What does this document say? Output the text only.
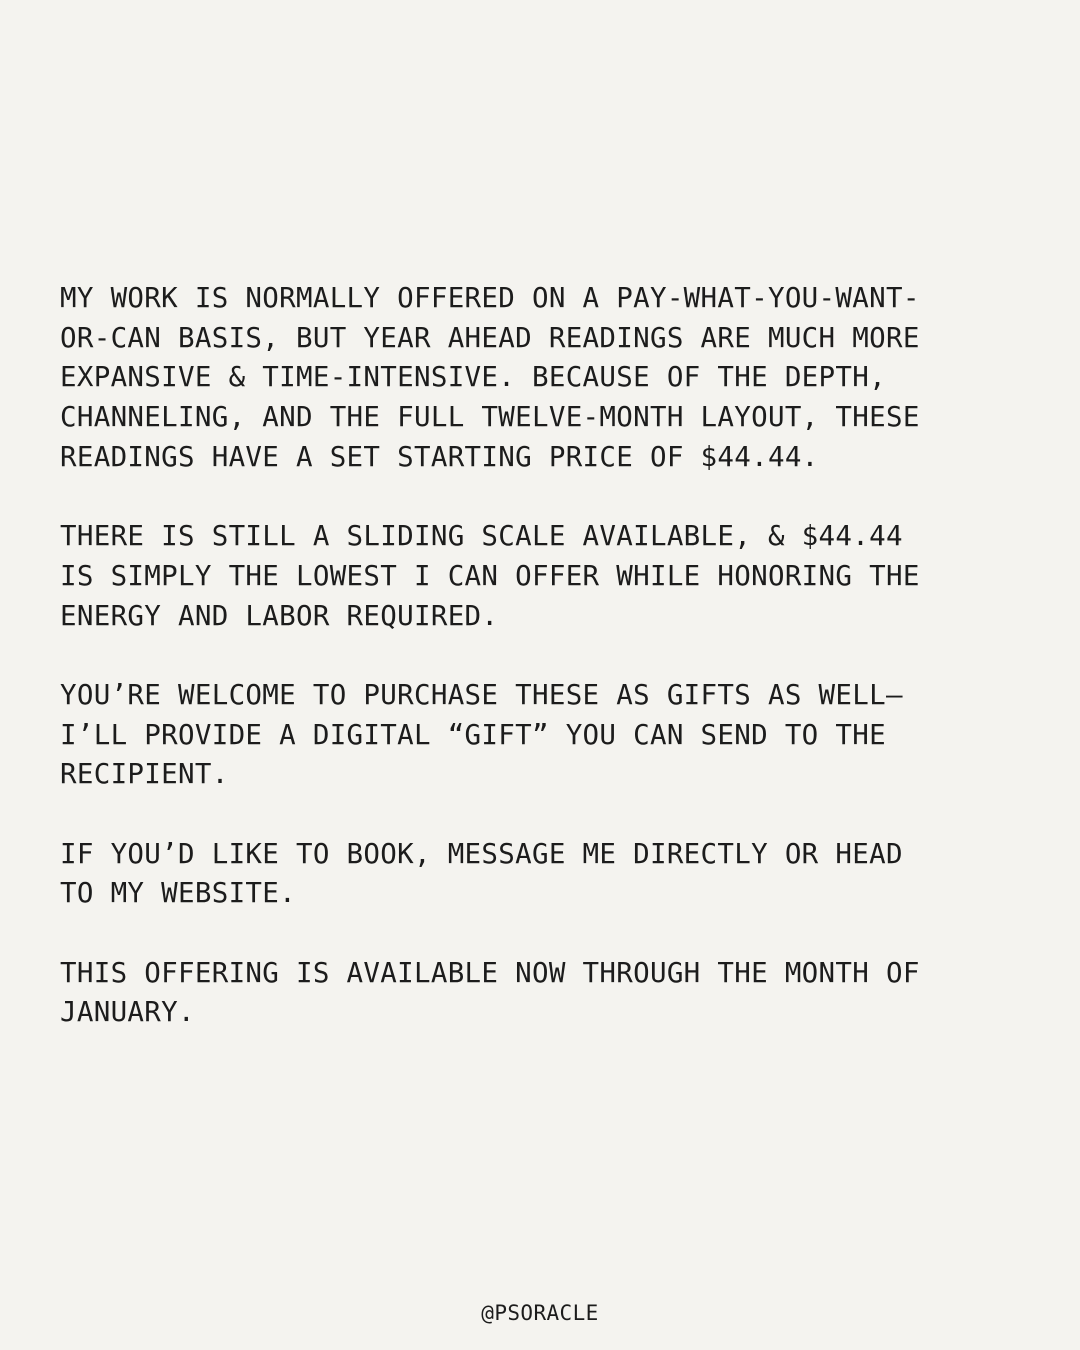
MY WORK IS NORMALLY OFFERED ON A PAY-WHAT-YOU-WANT-
OR-CAN BASIS, BUT YEAR AHEAD READINGS ARE MUCH MORE
EXPANSIVE & TIME-INTENSIVE. BECAUSE OF THE DEPTH,
CHANNELING, AND THE FULL TWELVE-MONTH LAYOUT, THESE
READINGS HAVE A SET STARTING PRICE OF $44.44.

THERE IS STILL A SLIDING SCALE AVAILABLE, & $44.44
IS SIMPLY THE LOWEST I CAN OFFER WHILE HONORING THE
ENERGY AND LABOR REQUIRED.

YOU’RE WELCOME TO PURCHASE THESE AS GIFTS AS WELL—
I’LL PROVIDE A DIGITAL “GIFT” YOU CAN SEND TO THE
RECIPIENT.

IF YOU’D LIKE TO BOOK, MESSAGE ME DIRECTLY OR HEAD
TO MY WEBSITE.

THIS OFFERING IS AVAILABLE NOW THROUGH THE MONTH OF
JANUARY.

@PSORACLE
